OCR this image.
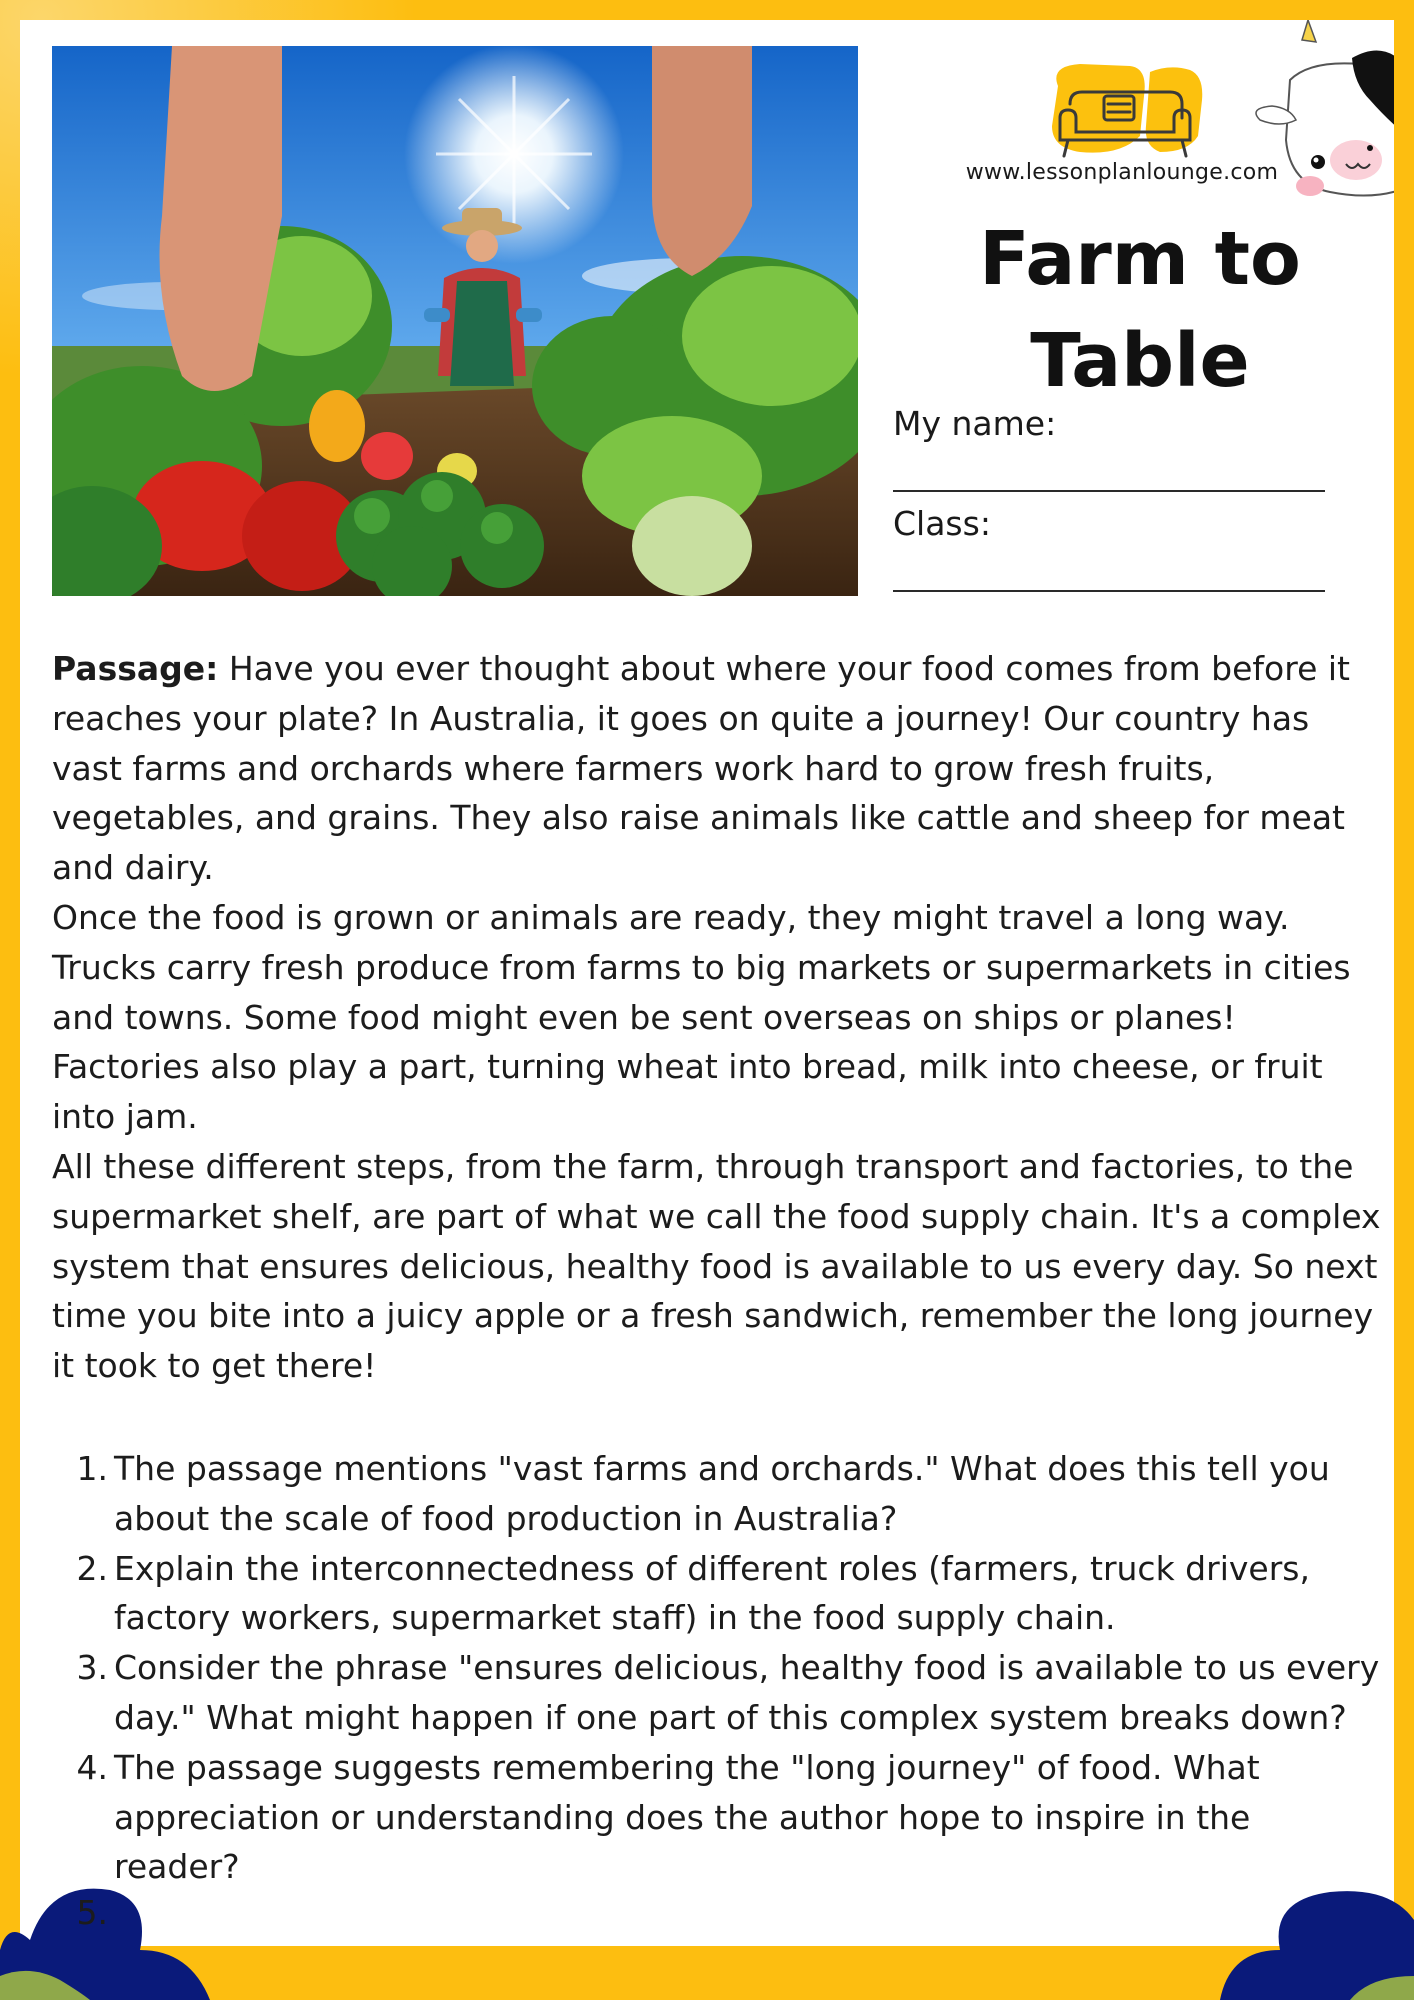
www.lessonplanlounge.com
Farm to
Table
My name:
Class:

Passage: Have you ever thought about where your food comes from before it reaches your plate? In Australia, it goes on quite a journey! Our country has vast farms and orchards where farmers work hard to grow fresh fruits, vegetables, and grains. They also raise animals like cattle and sheep for meat and dairy.

Once the food is grown or animals are ready, they might travel a long way. Trucks carry fresh produce from farms to big markets or supermarkets in cities and towns. Some food might even be sent overseas on ships or planes! Factories also play a part, turning wheat into bread, milk into cheese, or fruit into jam.

All these different steps, from the farm, through transport and factories, to the supermarket shelf, are part of what we call the food supply chain. It's a complex system that ensures delicious, healthy food is available to us every day. So next time you bite into a juicy apple or a fresh sandwich, remember the long journey it took to get there!

1. The passage mentions "vast farms and orchards." What does this tell you about the scale of food production in Australia?
2. Explain the interconnectedness of different roles (farmers, truck drivers, factory workers, supermarket staff) in the food supply chain.
3. Consider the phrase "ensures delicious, healthy food is available to us every day." What might happen if one part of this complex system breaks down?
4. The passage suggests remembering the "long journey" of food. What appreciation or understanding does the author hope to inspire in the reader?
5.
